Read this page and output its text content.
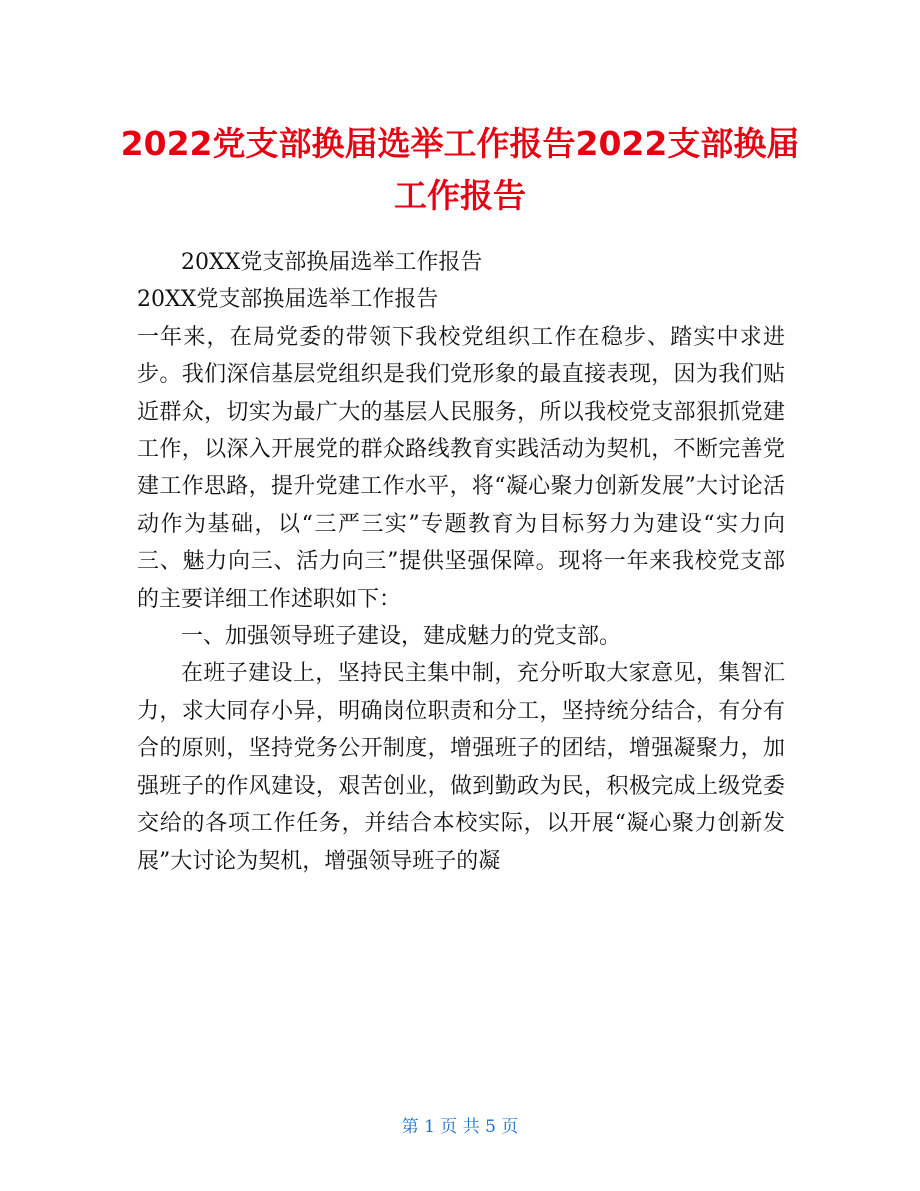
2022党支部换届选举工作报告2022支部换届工作报告

20XX党支部换届选举工作报告

20XX党支部换届选举工作报告

一年来，在局党委的带领下我校党组织工作在稳步、踏实中求进步。我们深信基层党组织是我们党形象的最直接表现，因为我们贴近群众，切实为最广大的基层人民服务，所以我校党支部狠抓党建工作，以深入开展党的群众路线教育实践活动为契机，不断完善党建工作思路，提升党建工作水平，将“凝心聚力创新发展”大讨论活动作为基础，以“三严三实”专题教育为目标努力为建设“实力向三、魅力向三、活力向三”提供坚强保障。现将一年来我校党支部的主要详细工作述职如下：

一、加强领导班子建设，建成魅力的党支部。

在班子建设上，坚持民主集中制，充分听取大家意见，集智汇力，求大同存小异，明确岗位职责和分工，坚持统分结合，有分有合的原则，坚持党务公开制度，增强班子的团结，增强凝聚力，加强班子的作风建设，艰苦创业，做到勤政为民，积极完成上级党委交给的各项工作任务，并结合本校实际，以开展“凝心聚力创新发展”大讨论为契机，增强领导班子的凝

第 1 页 共 5 页
